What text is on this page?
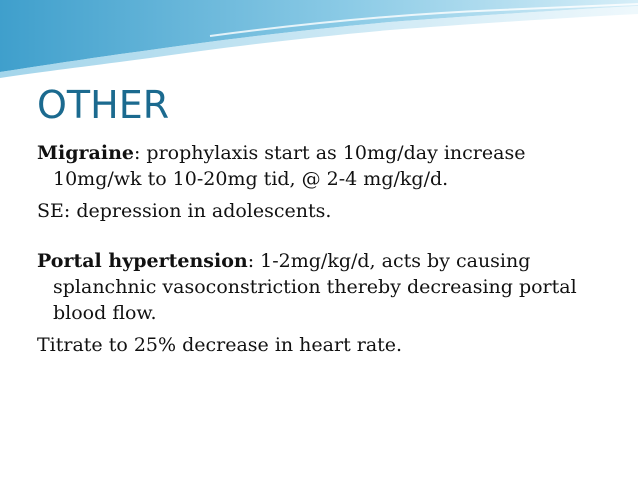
OTHER

Migraine: prophylaxis start as 10mg/day increase 10mg/wk to 10-20mg tid, @ 2-4 mg/kg/d.

SE: depression in adolescents.

Portal hypertension: 1-2mg/kg/d, acts by causing splanchnic vasoconstriction thereby decreasing portal blood flow.

Titrate to 25% decrease in heart rate.
